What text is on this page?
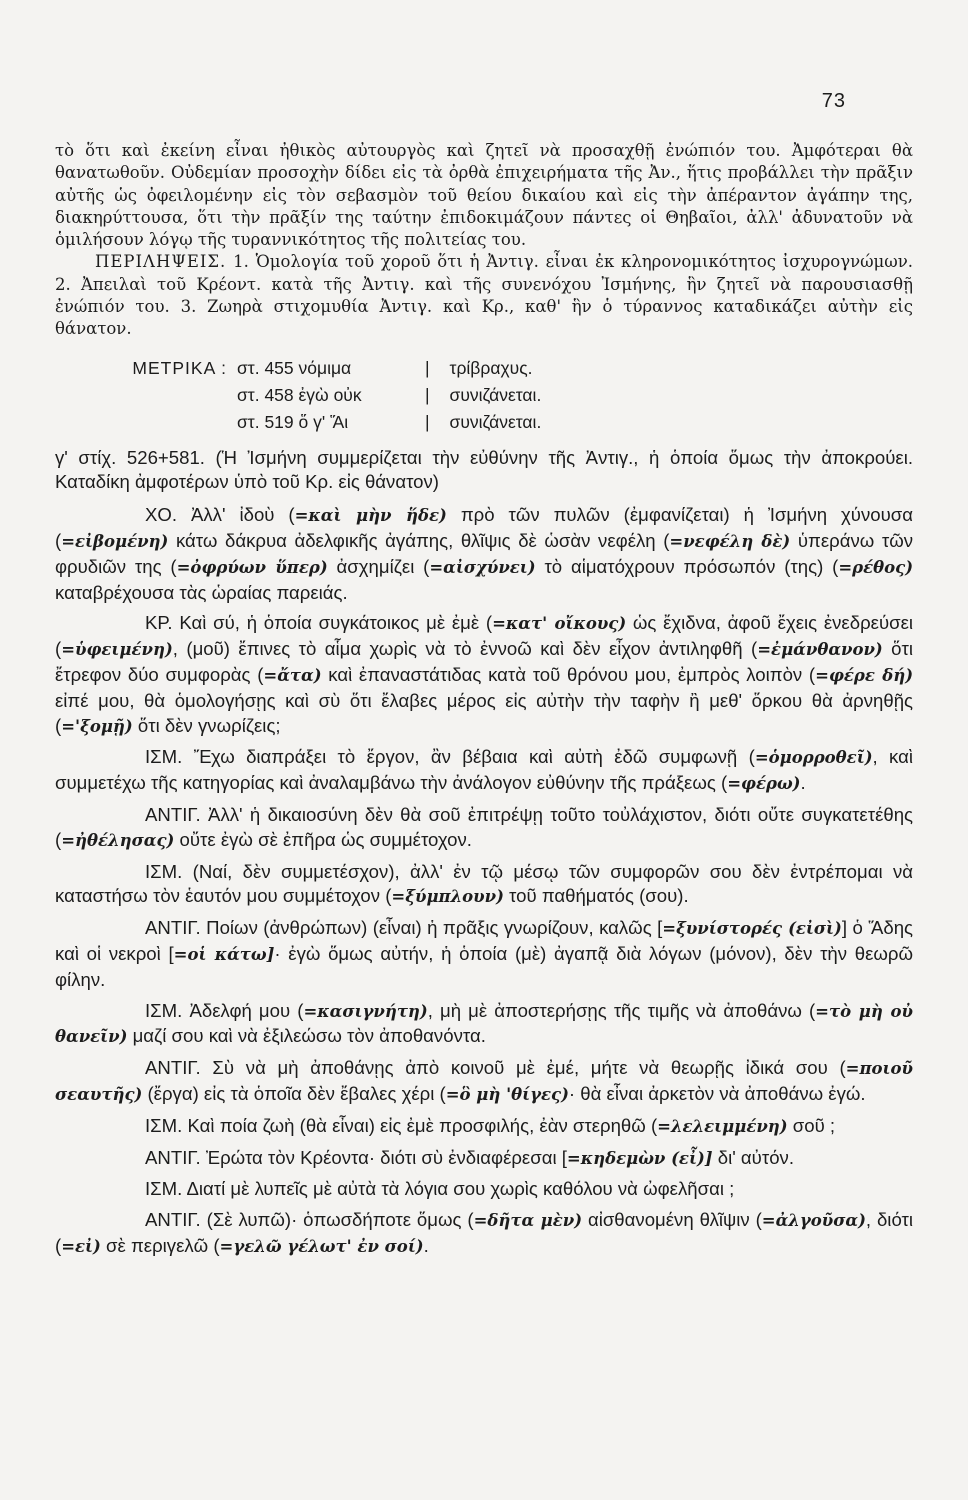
73

τὸ ὅτι καὶ ἐκείνη εἶναι ἠθικὸς αὐτουργὸς καὶ ζητεῖ νὰ προσαχθῇ ἐνώπιόν του. Ἀμφότεραι θὰ θανατωθοῦν. Οὐδεμίαν προσοχὴν δίδει εἰς τὰ ὀρθὰ ἐπιχειρήματα τῆς Ἀν., ἥτις προβάλλει τὴν πρᾶξιν αὐτῆς ὡς ὀφειλομένην εἰς τὸν σεβασμὸν τοῦ θείου δικαίου καὶ εἰς τὴν ἀπέραντον ἀγάπην της, διακηρύττουσα, ὅτι τὴν πρᾶξίν της ταύτην ἐπιδοκιμάζουν πάντες οἱ Θηβαῖοι, ἀλλ' ἀδυνατοῦν νὰ ὁμιλήσουν λόγῳ τῆς τυραννικότητος τῆς πολιτείας του.

ΠΕΡΙΛΗΨΕΙΣ. 1. Ὁμολογία τοῦ χοροῦ ὅτι ἡ Ἀντιγ. εἶναι ἐκ κληρονομικότητος ἰσχυρογνώμων. 2. Ἀπειλαὶ τοῦ Κρέοντ. κατὰ τῆς Ἀντιγ. καὶ τῆς συνενόχου Ἰσμήνης, ἣν ζητεῖ νὰ παρουσιασθῇ ἐνώπιόν του. 3. Ζωηρὰ στιχομυθία Ἀντιγ. καὶ Κρ., καθ' ἣν ὁ τύραννος καταδικάζει αὐτὴν εἰς θάνατον.

ΜΕΤΡΙΚΑ : στ. 455 νόμιμα	|	τρίβραχυς.
στ. 458 ἐγὼ οὐκ	|	συνιζάνεται.
στ. 519 ὅ γ' Ἅι	|	συνιζάνεται.

γ' στίχ. 526+581. (Ἡ Ἰσμήνη συμμερίζεται τὴν εὐθύνην τῆς Ἀντιγ., ἡ ὁποία ὅμως τὴν ἀποκρούει. Καταδίκη ἀμφοτέρων ὑπὸ τοῦ Κρ. εἰς θάνατον)

ΧΟ. Ἀλλ' ἰδοὺ (=καὶ μὴν ἥδε) πρὸ τῶν πυλῶν (ἐμφανίζεται) ἡ Ἰσμήνη χύνουσα (=εἰβομένη) κάτω δάκρυα ἀδελφικῆς ἀγάπης, θλῖψις δὲ ὡσὰν νεφέλη (=νεφέλη δὲ) ὑπεράνω τῶν φρυδιῶν της (=ὀφρύων ὕπερ) ἀσχημίζει (=αἰσχύνει) τὸ αἱματόχρουν πρόσωπόν (της) (=ρέθος) καταβρέχουσα τὰς ὡραίας παρειάς.

ΚΡ. Καὶ σύ, ἡ ὁποία συγκάτοικος μὲ ἐμὲ (=κατ' οἴκους) ὡς ἔχιδνα, ἀφοῦ ἔχεις ἐνεδρεύσει (=ὑφειμένη), (μοῦ) ἔπινες τὸ αἷμα χωρὶς νὰ τὸ ἐννοῶ καὶ δὲν εἶχον ἀντιληφθῆ (=ἐμάνθανον) ὅτι ἔτρεφον δύο συμφορὰς (=ἄτα) καὶ ἐπαναστάτιδας κατὰ τοῦ θρόνου μου, ἐμπρὸς λοιπὸν (=φέρε δή) εἰπέ μου, θὰ ὁμολογήσῃς καὶ σὺ ὅτι ἔλαβες μέρος εἰς αὐτὴν τὴν ταφὴν ἢ μεθ' ὅρκου θὰ ἀρνηθῇς (='ξομῇ) ὅτι δὲν γνωρίζεις;

ΙΣΜ. Ἔχω διαπράξει τὸ ἔργον, ἂν βέβαια καὶ αὐτὴ ἐδῶ συμφωνῇ (=ὁμορροθεῖ), καὶ συμμετέχω τῆς κατηγορίας καὶ ἀναλαμβάνω τὴν ἀνάλογον εὐθύνην τῆς πράξεως (=φέρω).

ΑΝΤΙΓ. Ἀλλ' ἡ δικαιοσύνη δὲν θὰ σοῦ ἐπιτρέψῃ τοῦτο τοὐλάχιστον, διότι οὔτε συγκατετέθης (=ἠθέλησας) οὔτε ἐγὼ σὲ ἐπῆρα ὡς συμμέτοχον.

ΙΣΜ. (Ναί, δὲν συμμετέσχον), ἀλλ' ἐν τῷ μέσῳ τῶν συμφορῶν σου δὲν ἐντρέπομαι νὰ καταστήσω τὸν ἑαυτόν μου συμμέτοχον (=ξύμπλουν) τοῦ παθήματός (σου).

ΑΝΤΙΓ. Ποίων (ἀνθρώπων) (εἶναι) ἡ πρᾶξις γνωρίζουν, καλῶς [=ξυνίστορές (εἰσὶ)] ὁ Ἅδης καὶ οἱ νεκροὶ [=οἱ κάτω]· ἐγὼ ὅμως αὐτήν, ἡ ὁποία (μὲ) ἀγαπᾷ διὰ λόγων (μόνον), δὲν τὴν θεωρῶ φίλην.

ΙΣΜ. Ἀδελφή μου (=κασιγνήτη), μὴ μὲ ἀποστερήσῃς τῆς τιμῆς νὰ ἀποθάνω (=τὸ μὴ οὐ θανεῖν) μαζί σου καὶ νὰ ἐξιλεώσω τὸν ἀποθανόντα.

ΑΝΤΙΓ. Σὺ νὰ μὴ ἀποθάνῃς ἀπὸ κοινοῦ μὲ ἐμέ, μήτε νὰ θεωρῇς ἰδικά σου (=ποιοῦ σεαυτῆς) (ἔργα) εἰς τὰ ὁποῖα δὲν ἔβαλες χέρι (=ὃ μὴ 'θίγες)· θὰ εἶναι ἀρκετὸν νὰ ἀποθάνω ἐγώ.

ΙΣΜ. Καὶ ποία ζωὴ (θὰ εἶναι) εἰς ἐμὲ προσφιλής, ἐὰν στερηθῶ (=λελειμμένη) σοῦ ;

ΑΝΤΙΓ. Ἐρώτα τὸν Κρέοντα· διότι σὺ ἐνδιαφέρεσαι [=κηδεμὼν (εἶ)] δι' αὐτόν.

ΙΣΜ. Διατί μὲ λυπεῖς μὲ αὐτὰ τὰ λόγια σου χωρὶς καθόλου νὰ ὠφελῆσαι ;

ΑΝΤΙΓ. (Σὲ λυπῶ)· ὁπωσδήποτε ὅμως (=δῆτα μὲν) αἰσθανομένη θλῖψιν (=ἀλγοῦσα), διότι (=εἰ) σὲ περιγελῶ (=γελῶ γέλωτ' ἐν σοί).
